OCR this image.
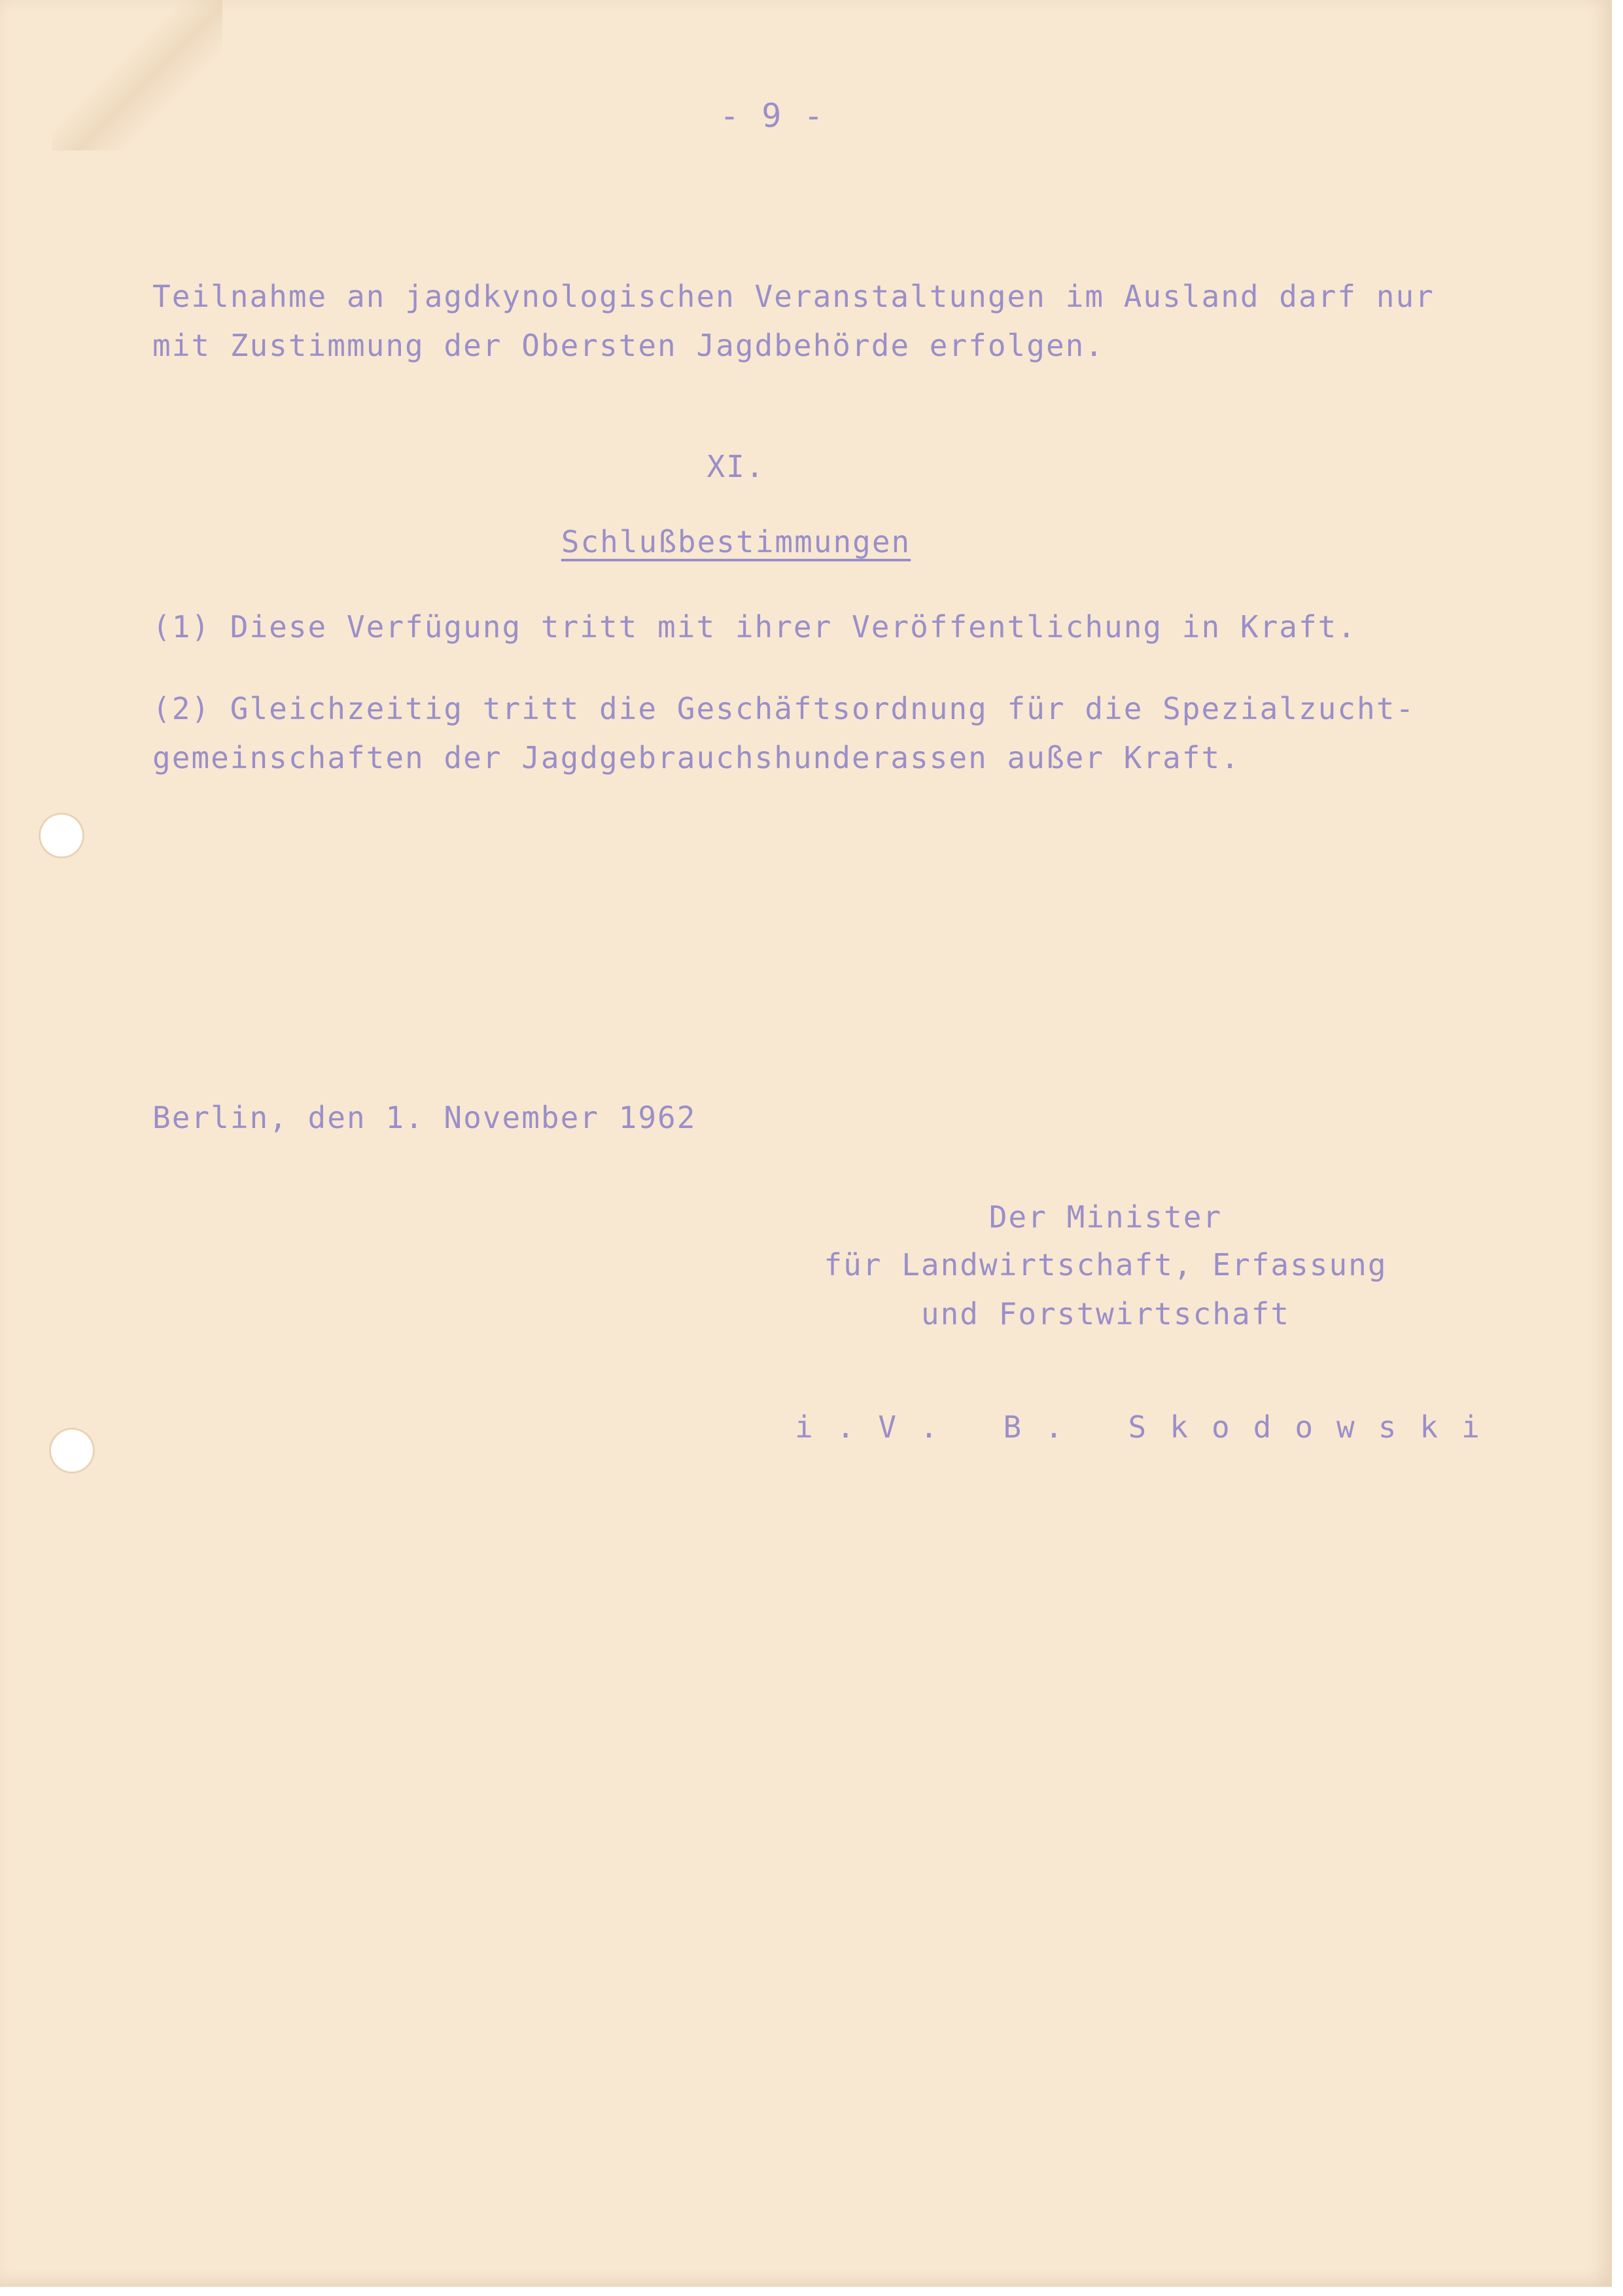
- 9 -

Teilnahme an jagdkynologischen Veranstaltungen im Ausland darf nur

mit Zustimmung der Obersten Jagdbehörde erfolgen.

XI.

Schlußbestimmungen

(1) Diese Verfügung tritt mit ihrer Veröffentlichung in Kraft.

(2) Gleichzeitig tritt die Geschäftsordnung für die Spezialzucht-

gemeinschaften der Jagdgebrauchshunderassen außer Kraft.

Berlin, den 1. November 1962

Der Minister

für Landwirtschaft, Erfassung

und Forstwirtschaft

i.V. B. Skodowski
